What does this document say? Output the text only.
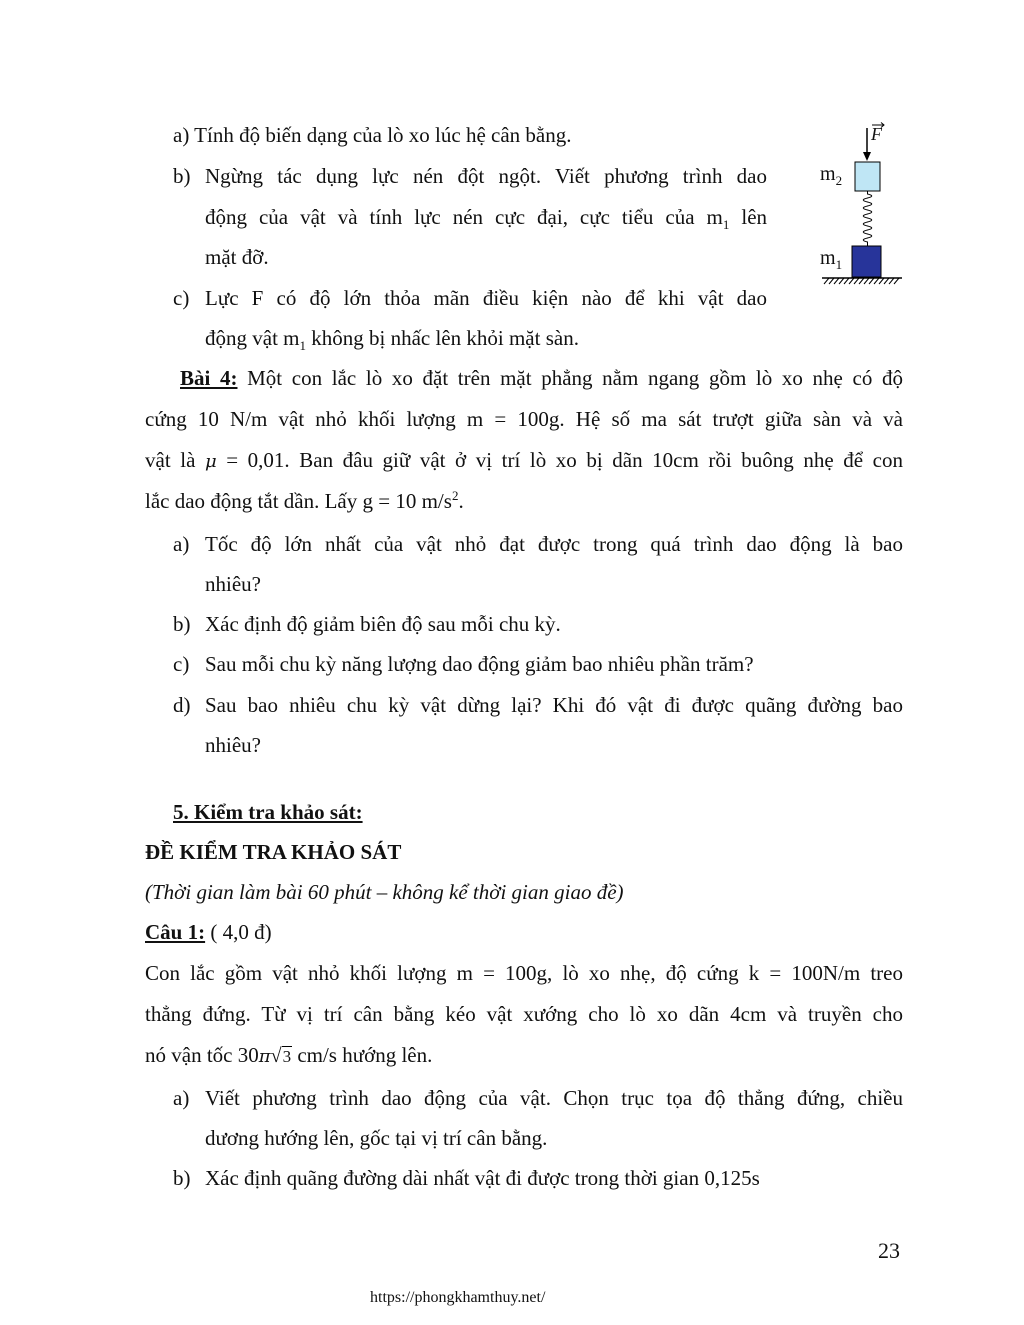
a) Tính độ biến dạng của lò xo lúc hệ cân bằng.
b) Ngừng tác dụng lực nén đột ngột. Viết phương trình dao
động của vật và tính lực nén cực đại, cực tiểu của $m_1$ lên
mặt đỡ.
c) Lực F có độ lớn thỏa mãn điều kiện nào để khi vật dao
động vật $m_1$ không bị nhấc lên khỏi mặt sàn.
F
$m_2$
$m_1$
Bài 4: Một con lắc lò xo đặt trên mặt phẳng nằm ngang gồm lò xo nhẹ có độ
cứng 10 N/m vật nhỏ khối lượng m = 100g. Hệ số ma sát trượt giữa sàn và và
vật là μ = 0,01. Ban đâu giữ vật ở vị trí lò xo bị dãn 10cm rồi buông nhẹ để con
lắc dao động tắt dần. Lấy g = 10 $m/s^2$.
a) Tốc độ lớn nhất của vật nhỏ đạt được trong quá trình dao động là bao
nhiêu?
b) Xác định độ giảm biên độ sau mỗi chu kỳ.
c) Sau mỗi chu kỳ năng lượng dao động giảm bao nhiêu phần trăm?
d) Sau bao nhiêu chu kỳ vật dừng lại? Khi đó vật đi được quãng đường bao
nhiêu?
5. Kiểm tra khảo sát:
ĐỀ KIỂM TRA KHẢO SÁT
(Thời gian làm bài 60 phút – không kể thời gian giao đề)
Câu 1: ( 4,0 đ)
Con lắc gồm vật nhỏ khối lượng m = 100g, lò xo nhẹ, độ cứng k = 100N/m treo
thẳng đứng. Từ vị trí cân bằng kéo vật xướng cho lò xo dãn 4cm và truyền cho
nó vận tốc 30π√3 cm/s hướng lên.
a) Viết phương trình dao động của vật. Chọn trục tọa độ thẳng đứng, chiều
dương hướng lên, gốc tại vị trí cân bằng.
b) Xác định quãng đường dài nhất vật đi được trong thời gian 0,125s
23
https://phongkhamthuy.net/
